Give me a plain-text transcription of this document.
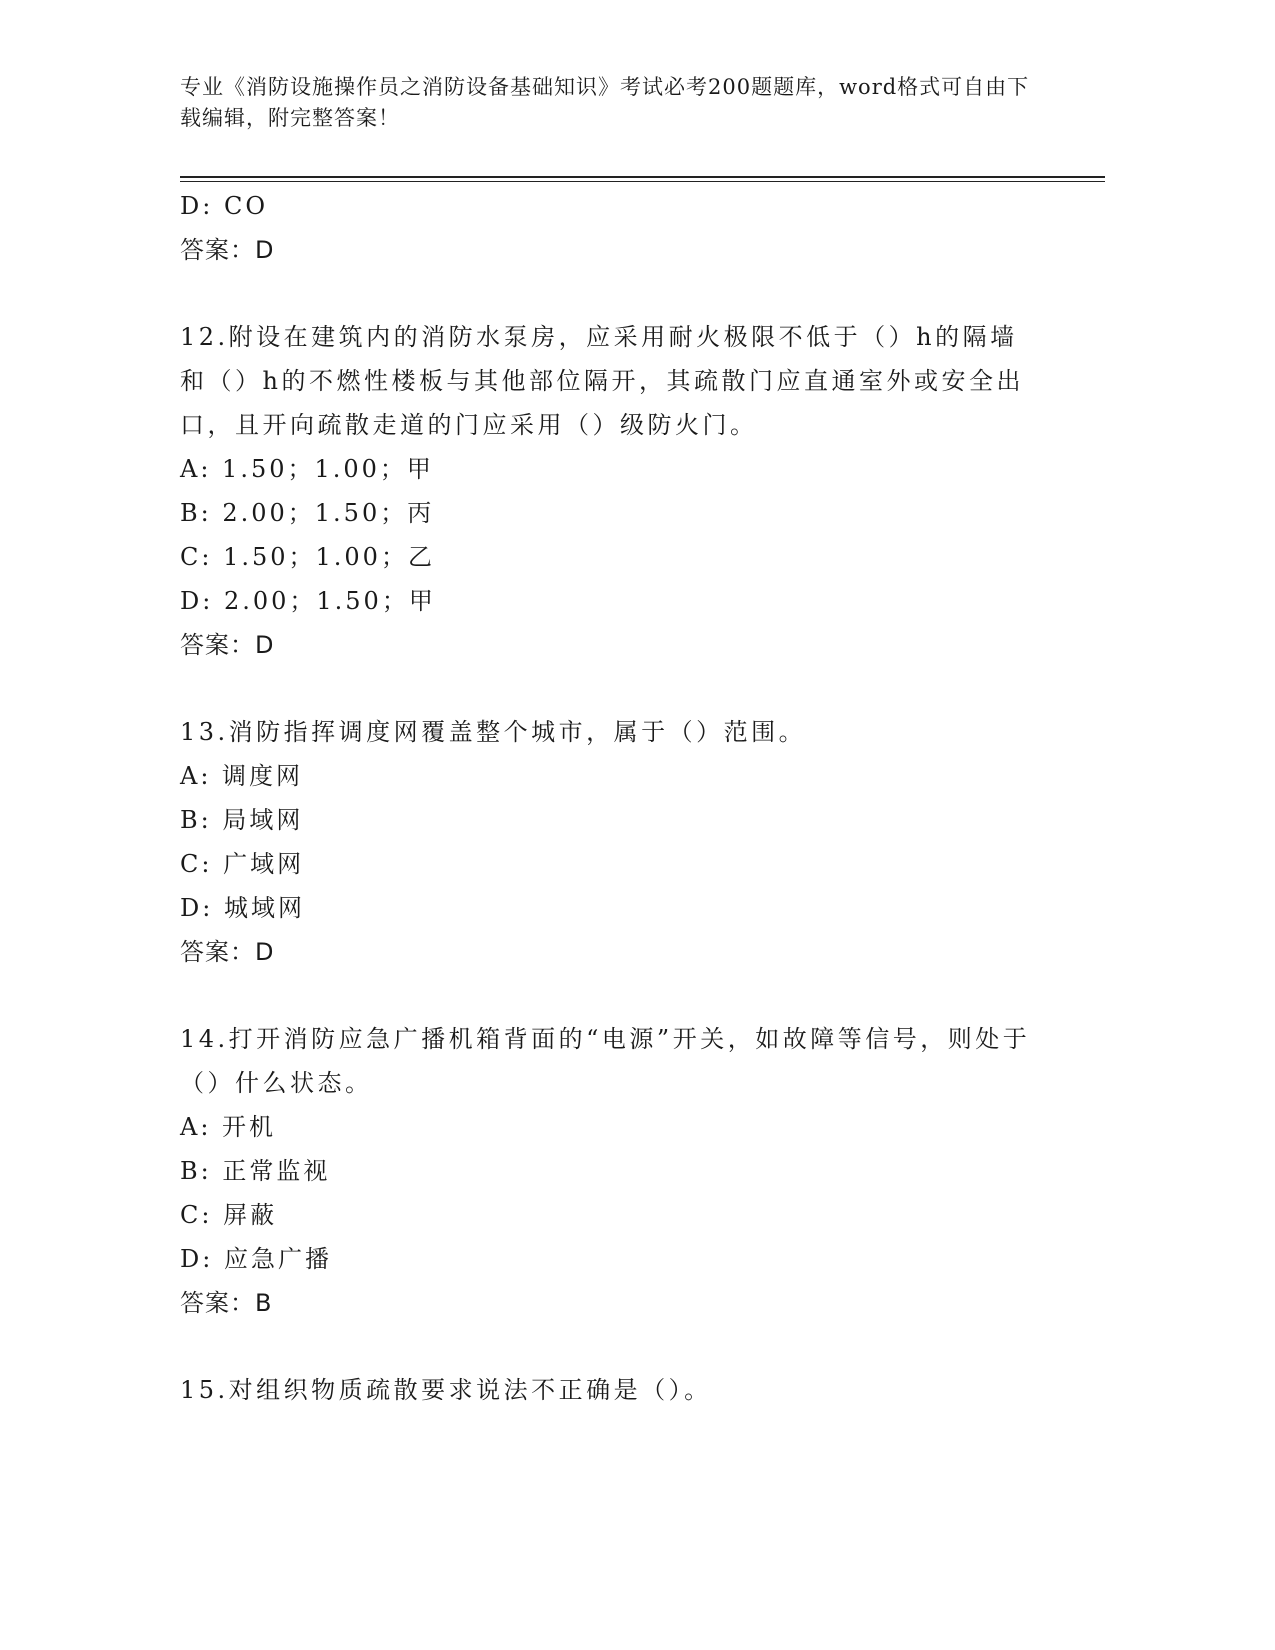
专业《消防设施操作员之消防设备基础知识》考试必考200题题库，word格式可自由下载编辑，附完整答案！
D: CO
答案：D
12.附设在建筑内的消防水泵房，应采用耐火极限不低于（）h的隔墙和（）h的不燃性楼板与其他部位隔开，其疏散门应直通室外或安全出口，且开向疏散走道的门应采用（）级防火门。
A: 1.50；1.00；甲
B: 2.00；1.50；丙
C: 1.50；1.00；乙
D: 2.00；1.50；甲
答案：D
13.消防指挥调度网覆盖整个城市，属于（）范围。
A: 调度网
B: 局域网
C: 广域网
D: 城域网
答案：D
14.打开消防应急广播机箱背面的“电源”开关，如故障等信号，则处于（）什么状态。
A: 开机
B: 正常监视
C: 屏蔽
D: 应急广播
答案：B
15.对组织物质疏散要求说法不正确是（）。
